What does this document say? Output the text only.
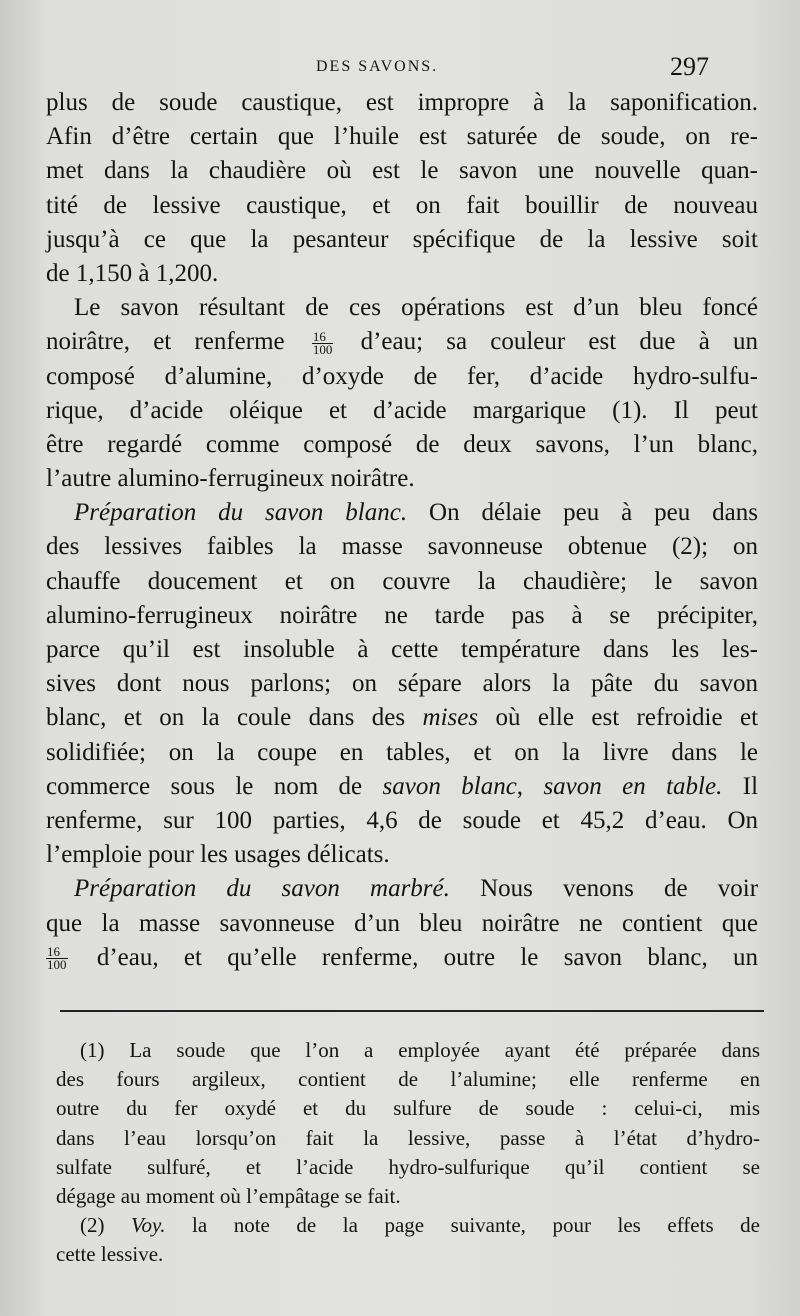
DES SAVONS.	297
plus de soude caustique, est impropre à la saponification.
Afin d’être certain que l’huile est saturée de soude, on re-
met dans la chaudière où est le savon une nouvelle quan-
tité de lessive caustique, et on fait bouillir de nouveau
jusqu’à ce que la pesanteur spécifique de la lessive soit
de 1,150 à 1,200.
Le savon résultant de ces opérations est d’un bleu foncé
noirâtre, et renferme $\frac{16}{100}$ d’eau; sa couleur est due à un
composé d’alumine, d’oxyde de fer, d’acide hydro-sulfu-
rique, d’acide oléique et d’acide margarique (1). Il peut
être regardé comme composé de deux savons, l’un blanc,
l’autre alumino-ferrugineux noirâtre.
Préparation du savon blanc. On délaie peu à peu dans
des lessives faibles la masse savonneuse obtenue (2); on
chauffe doucement et on couvre la chaudière; le savon
alumino-ferrugineux noirâtre ne tarde pas à se précipiter,
parce qu’il est insoluble à cette température dans les les-
sives dont nous parlons; on sépare alors la pâte du savon
blanc, et on la coule dans des mises où elle est refroidie et
solidifiée; on la coupe en tables, et on la livre dans le
commerce sous le nom de savon blanc, savon en table. Il
renferme, sur 100 parties, 4,6 de soude et 45,2 d’eau. On
l’emploie pour les usages délicats.
Préparation du savon marbré. Nous venons de voir
que la masse savonneuse d’un bleu noirâtre ne contient que
$\frac{16}{100}$ d’eau, et qu’elle renferme, outre le savon blanc, un
(1) La soude que l’on a employée ayant été préparée dans
des fours argileux, contient de l’alumine; elle renferme en
outre du fer oxydé et du sulfure de soude : celui-ci, mis
dans l’eau lorsqu’on fait la lessive, passe à l’état d’hydro-
sulfate sulfuré, et l’acide hydro-sulfurique qu’il contient se
dégage au moment où l’empâtage se fait.
(2) Voy. la note de la page suivante, pour les effets de
cette lessive.
